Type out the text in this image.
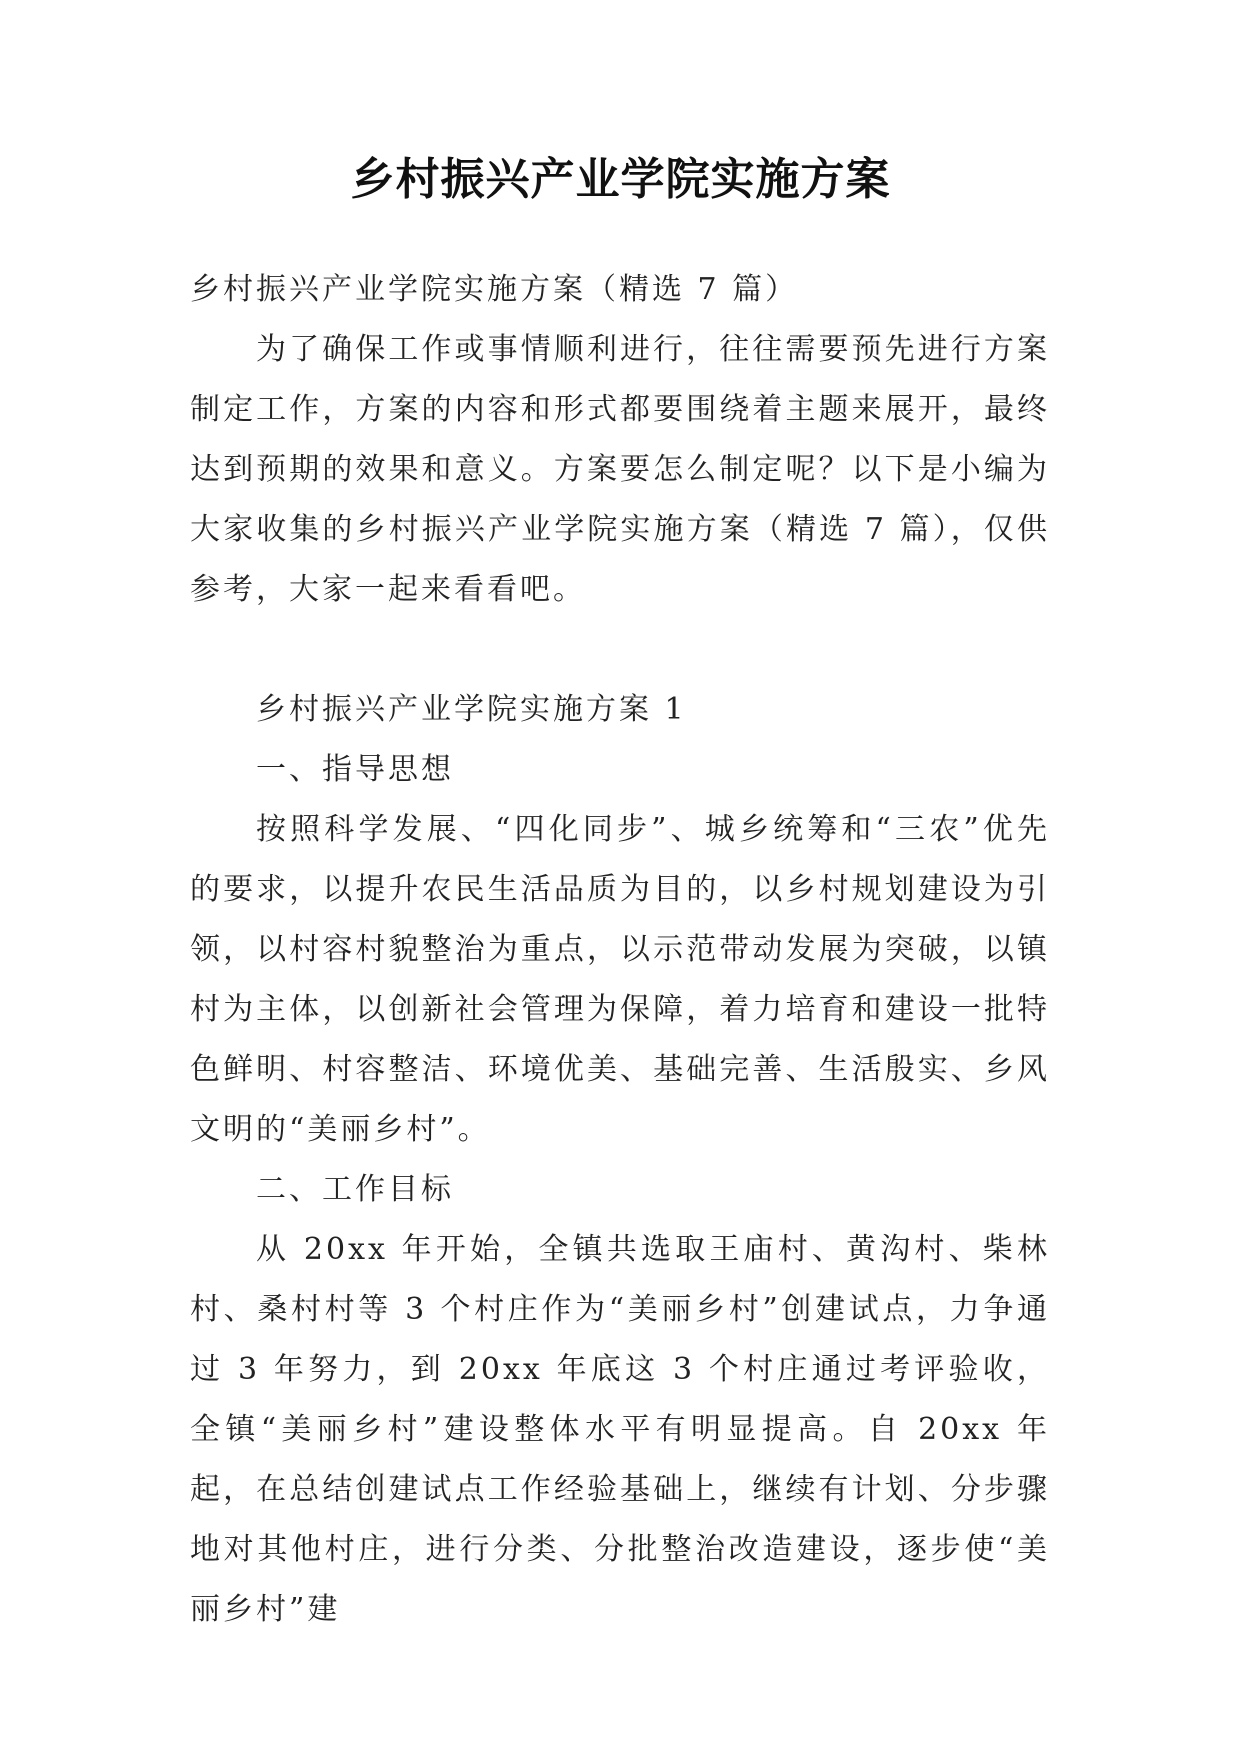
乡村振兴产业学院实施方案

乡村振兴产业学院实施方案（精选 7 篇）

为了确保工作或事情顺利进行，往往需要预先进行方案制定工作，方案的内容和形式都要围绕着主题来展开，最终达到预期的效果和意义。方案要怎么制定呢？以下是小编为大家收集的乡村振兴产业学院实施方案（精选 7 篇），仅供参考，大家一起来看看吧。

乡村振兴产业学院实施方案 1

一、指导思想

按照科学发展、“四化同步”、城乡统筹和“三农”优先的要求，以提升农民生活品质为目的，以乡村规划建设为引领，以村容村貌整治为重点，以示范带动发展为突破，以镇村为主体，以创新社会管理为保障，着力培育和建设一批特色鲜明、村容整洁、环境优美、基础完善、生活殷实、乡风文明的“美丽乡村”。

二、工作目标

从 20xx 年开始，全镇共选取王庙村、黄沟村、柴林村、桑村村等 3 个村庄作为“美丽乡村”创建试点，力争通过 3 年努力，到 20xx 年底这 3 个村庄通过考评验收，全镇“美丽乡村”建设整体水平有明显提高。自 20xx 年起，在总结创建试点工作经验基础上，继续有计划、分步骤地对其他村庄，进行分类、分批整治改造建设，逐步使“美丽乡村”建
